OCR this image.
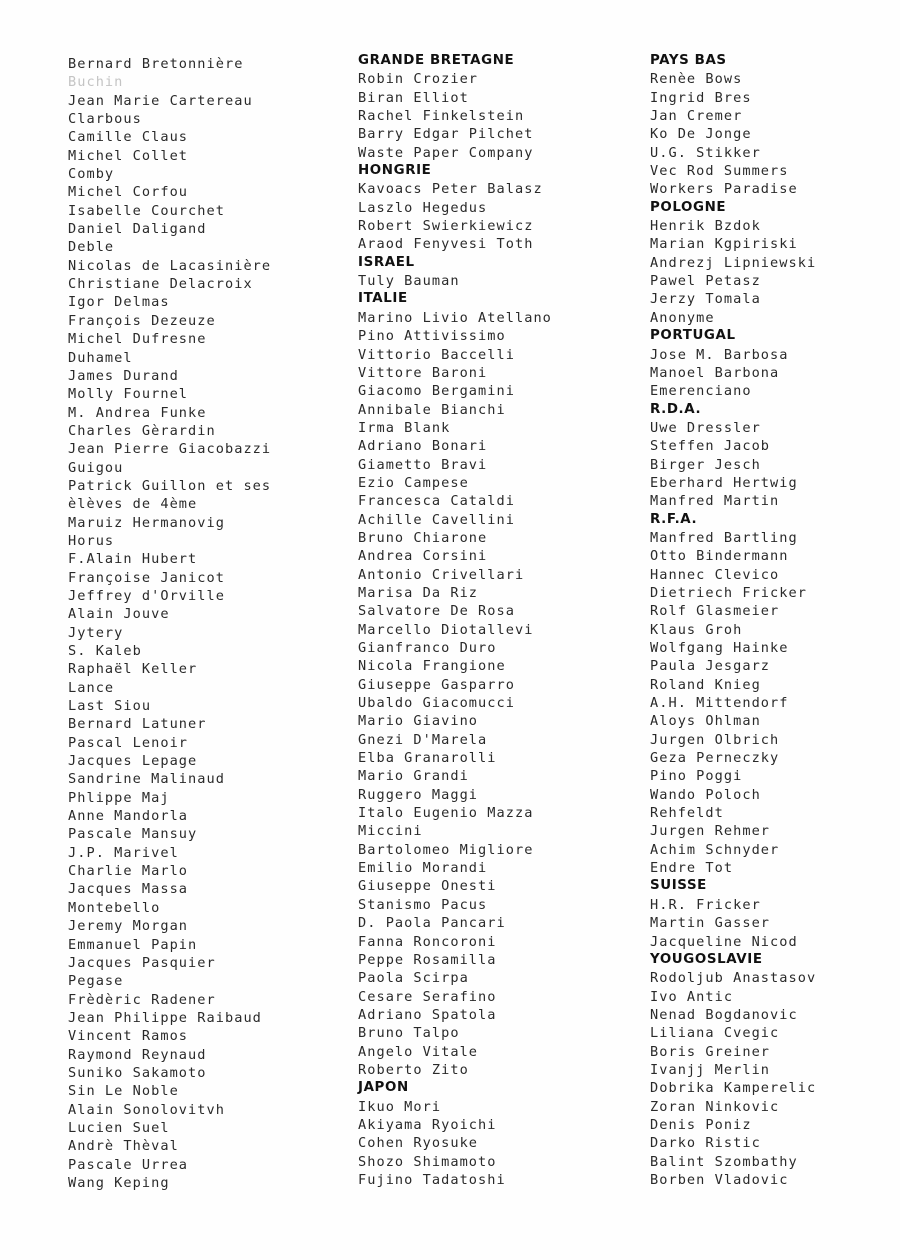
Bernard Bretonnière
Buchin
Jean Marie Cartereau
Clarbous
Camille Claus
Michel Collet
Comby
Michel Corfou
Isabelle Courchet
Daniel Daligand
Deble
Nicolas de Lacasinière
Christiane Delacroix
Igor Delmas
François Dezeuze
Michel Dufresne
Duhamel
James Durand
Molly Fournel
M. Andrea Funke
Charles Gèrardin
Jean Pierre Giacobazzi
Guigou
Patrick Guillon et ses
èlèves de 4ème
Maruiz Hermanovig
Horus
F.Alain Hubert
Françoise Janicot
Jeffrey d'Orville
Alain Jouve
Jytery
S. Kaleb
Raphaël Keller
Lance
Last Siou
Bernard Latuner
Pascal Lenoir
Jacques Lepage
Sandrine Malinaud
Phlippe Maj
Anne Mandorla
Pascale Mansuy
J.P. Marivel
Charlie Marlo
Jacques Massa
Montebello
Jeremy Morgan
Emmanuel Papin
Jacques Pasquier
Pegase
Frèdèric Radener
Jean Philippe Raibaud
Vincent Ramos
Raymond Reynaud
Suniko Sakamoto
Sin Le Noble
Alain Sonolovitvh
Lucien Suel
Andrè Thèval
Pascale Urrea
Wang Keping
GRANDE BRETAGNE
Robin Crozier
Biran Elliot
Rachel Finkelstein
Barry Edgar Pilchet
Waste Paper Company
HONGRIE
Kavoacs Peter Balasz
Laszlo Hegedus
Robert Swierkiewicz
Araod Fenyvesi Toth
ISRAEL
Tuly Bauman
ITALIE
Marino Livio Atellano
Pino Attivissimo
Vittorio Baccelli
Vittore Baroni
Giacomo Bergamini
Annibale Bianchi
Irma Blank
Adriano Bonari
Giametto Bravi
Ezio Campese
Francesca Cataldi
Achille Cavellini
Bruno Chiarone
Andrea Corsini
Antonio Crivellari
Marisa Da Riz
Salvatore De Rosa
Marcello Diotallevi
Gianfranco Duro
Nicola Frangione
Giuseppe Gasparro
Ubaldo Giacomucci
Mario Giavino
Gnezi D'Marela
Elba Granarolli
Mario Grandi
Ruggero Maggi
Italo Eugenio Mazza
Miccini
Bartolomeo Migliore
Emilio Morandi
Giuseppe Onesti
Stanismo Pacus
D. Paola Pancari
Fanna Roncoroni
Peppe Rosamilla
Paola Scirpa
Cesare Serafino
Adriano Spatola
Bruno Talpo
Angelo Vitale
Roberto Zito
JAPON
Ikuo Mori
Akiyama Ryoichi
Cohen Ryosuke
Shozo Shimamoto
Fujino Tadatoshi
PAYS BAS
Renèe Bows
Ingrid Bres
Jan Cremer
Ko De Jonge
U.G. Stikker
Vec Rod Summers
Workers Paradise
POLOGNE
Henrik Bzdok
Marian Kgpiriski
Andrezj Lipniewski
Pawel Petasz
Jerzy Tomala
Anonyme
PORTUGAL
Jose M. Barbosa
Manoel Barbona
Emerenciano
R.D.A.
Uwe Dressler
Steffen Jacob
Birger Jesch
Eberhard Hertwig
Manfred Martin
R.F.A.
Manfred Bartling
Otto Bindermann
Hannec Clevico
Dietriech Fricker
Rolf Glasmeier
Klaus Groh
Wolfgang Hainke
Paula Jesgarz
Roland Knieg
A.H. Mittendorf
Aloys Ohlman
Jurgen Olbrich
Geza Perneczky
Pino Poggi
Wando Poloch
Rehfeldt
Jurgen Rehmer
Achim Schnyder
Endre Tot
SUISSE
H.R. Fricker
Martin Gasser
Jacqueline Nicod
YOUGOSLAVIE
Rodoljub Anastasov
Ivo Antic
Nenad Bogdanovic
Liliana Cvegic
Boris Greiner
Ivanjj Merlin
Dobrika Kamperelic
Zoran Ninkovic
Denis Poniz
Darko Ristic
Balint Szombathy
Borben Vladovic
